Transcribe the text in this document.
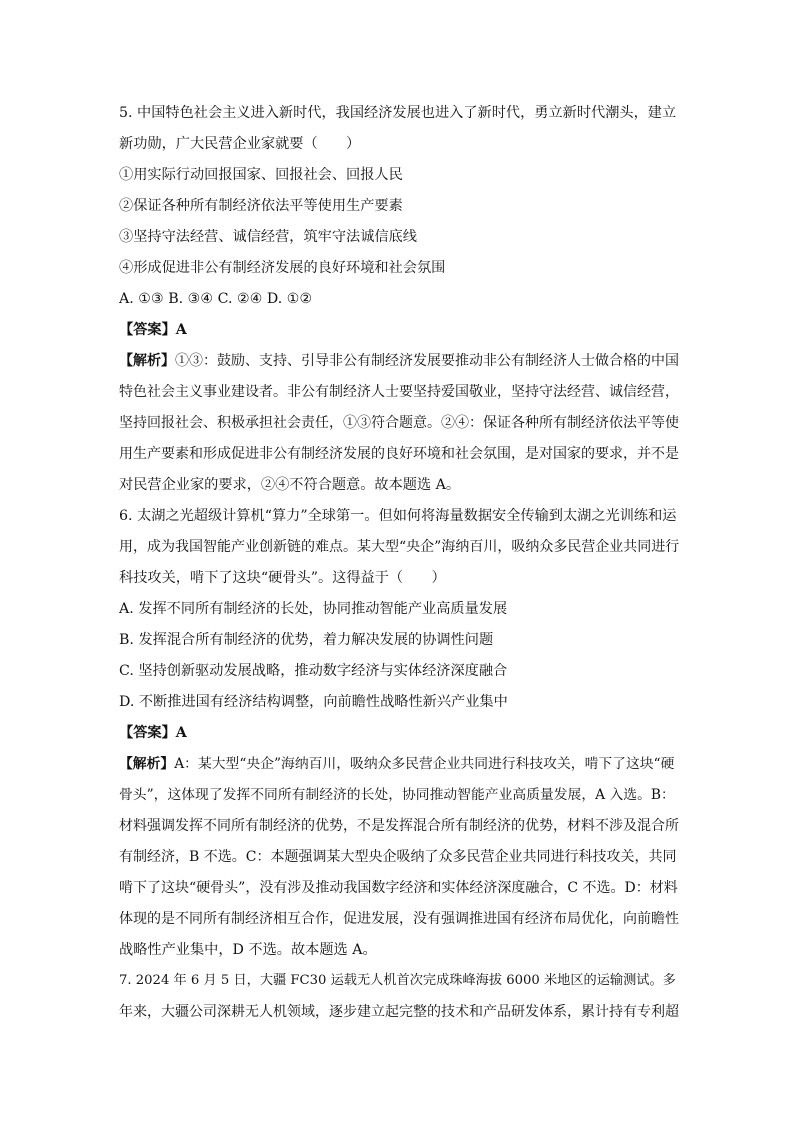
5. 中国特色社会主义进入新时代，我国经济发展也进入了新时代，勇立新时代潮头，建立
新功勋，广大民营企业家就要（　　）
①用实际行动回报国家、回报社会、回报人民
②保证各种所有制经济依法平等使用生产要素
③坚持守法经营、诚信经营，筑牢守法诚信底线
④形成促进非公有制经济发展的良好环境和社会氛围
A. ①③ B. ③④ C. ②④ D. ①②
【答案】A
【解析】①③：鼓励、支持、引导非公有制经济发展要推动非公有制经济人士做合格的中国
特色社会主义事业建设者。非公有制经济人士要坚持爱国敬业，坚持守法经营、诚信经营，
坚持回报社会、积极承担社会责任，①③符合题意。②④：保证各种所有制经济依法平等使
用生产要素和形成促进非公有制经济发展的良好环境和社会氛围，是对国家的要求，并不是
对民营企业家的要求，②④不符合题意。故本题选 A。
6. 太湖之光超级计算机“算力”全球第一。但如何将海量数据安全传输到太湖之光训练和运
用，成为我国智能产业创新链的难点。某大型“央企”海纳百川，吸纳众多民营企业共同进行
科技攻关，啃下了这块“硬骨头”。这得益于（　　）
A. 发挥不同所有制经济的长处，协同推动智能产业高质量发展
B. 发挥混合所有制经济的优势，着力解决发展的协调性问题
C. 坚持创新驱动发展战略，推动数字经济与实体经济深度融合
D. 不断推进国有经济结构调整，向前瞻性战略性新兴产业集中
【答案】A
【解析】A：某大型“央企”海纳百川，吸纳众多民营企业共同进行科技攻关，啃下了这块“硬
骨头”，这体现了发挥不同所有制经济的长处，协同推动智能产业高质量发展，A 入选。B：
材料强调发挥不同所有制经济的优势，不是发挥混合所有制经济的优势，材料不涉及混合所
有制经济，B 不选。C：本题强调某大型央企吸纳了众多民营企业共同进行科技攻关，共同
啃下了这块“硬骨头”，没有涉及推动我国数字经济和实体经济深度融合，C 不选。D：材料
体现的是不同所有制经济相互合作，促进发展，没有强调推进国有经济布局优化，向前瞻性
战略性产业集中，D 不选。故本题选 A。
7. 2024 年 6 月 5 日，大疆 FC30 运载无人机首次完成珠峰海拔 6000 米地区的运输测试。多
年来，大疆公司深耕无人机领域，逐步建立起完整的技术和产品研发体系，累计持有专利超
